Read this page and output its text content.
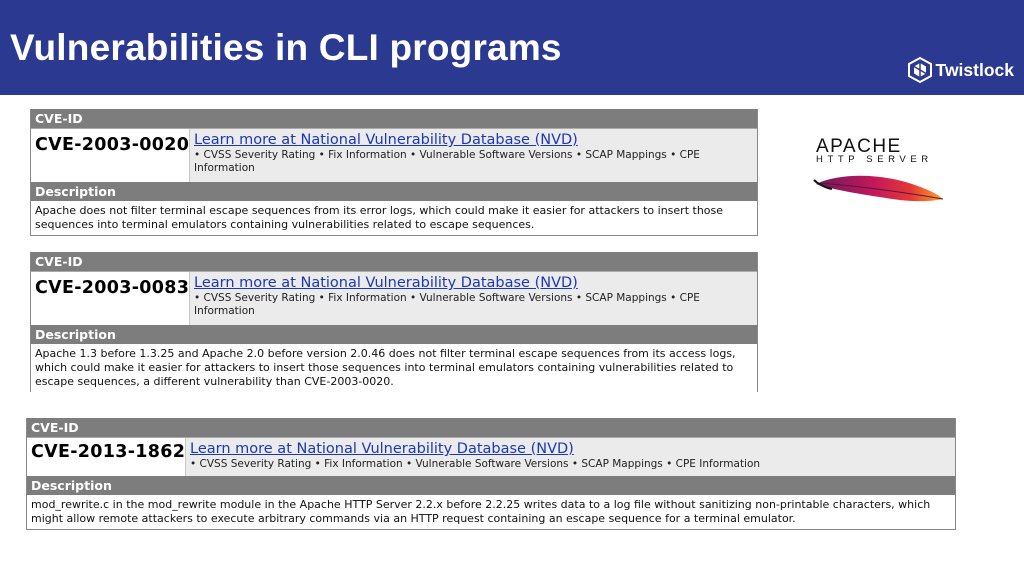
Vulnerabilities in CLI programs
Twistlock
CVE-ID
CVE-2003-0020 Learn more at National Vulnerability Database (NVD)
• CVSS Severity Rating • Fix Information • Vulnerable Software Versions • SCAP Mappings • CPE Information
Description
Apache does not filter terminal escape sequences from its error logs, which could make it easier for attackers to insert those sequences into terminal emulators containing vulnerabilities related to escape sequences.
CVE-ID
CVE-2003-0083 Learn more at National Vulnerability Database (NVD)
• CVSS Severity Rating • Fix Information • Vulnerable Software Versions • SCAP Mappings • CPE Information
Description
Apache 1.3 before 1.3.25 and Apache 2.0 before version 2.0.46 does not filter terminal escape sequences from its access logs, which could make it easier for attackers to insert those sequences into terminal emulators containing vulnerabilities related to escape sequences, a different vulnerability than CVE-2003-0020.
CVE-ID
CVE-2013-1862 Learn more at National Vulnerability Database (NVD)
• CVSS Severity Rating • Fix Information • Vulnerable Software Versions • SCAP Mappings • CPE Information
Description
mod_rewrite.c in the mod_rewrite module in the Apache HTTP Server 2.2.x before 2.2.25 writes data to a log file without sanitizing non-printable characters, which might allow remote attackers to execute arbitrary commands via an HTTP request containing an escape sequence for a terminal emulator.
APACHE
HTTP SERVER
